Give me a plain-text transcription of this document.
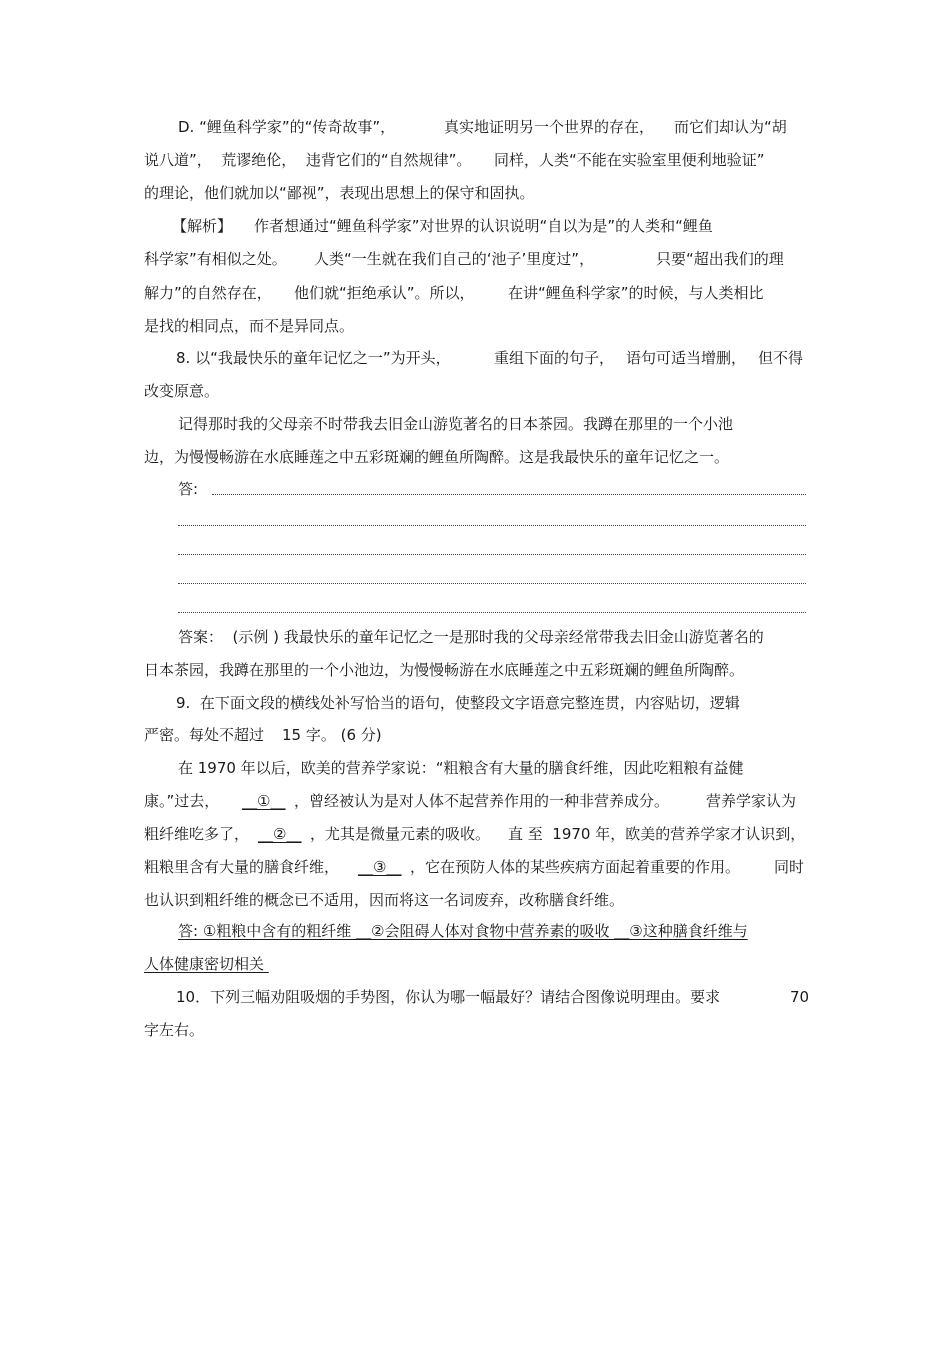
D. “鲤鱼科学家”的“传奇故事”，	真实地证明另一个世界的存在， 而它们却认为“胡
说八道”，  荒谬绝伦，  违背它们的“自然规律”。 同样，人类“不能在实验室里便利地验证”
的理论，他们就加以“鄙视”，表现出思想上的保守和固执。
【解析】 作者想通过“鲤鱼科学家”对世界的认识说明“自以为是”的人类和“鲤鱼
科学家”有相似之处。 人类“一生就在我们自己的‘池子’里度过”，	只要“超出我们的理
解力”的自然存在， 他们就“拒绝承认”。所以， 在讲“鲤鱼科学家”的时候，与人类相比
是找的相同点，而不是异同点。
8. 以“我最快乐的童年记忆之一”为开头，	重组下面的句子， 语句可适当增删， 但不得
改变原意。
记得那时我的父母亲不时带我去旧金山游览著名的日本茶园。我蹲在那里的一个小池
边，为慢慢畅游在水底睡莲之中五彩斑斓的鲤鱼所陶醉。这是我最快乐的童年记忆之一。
答:
答案：  (示例 ) 我最快乐的童年记忆之一是那时我的父母亲经常带我去旧金山游览著名的
日本茶园，我蹲在那里的一个小池边，为慢慢畅游在水底睡莲之中五彩斑斓的鲤鱼所陶醉。
9.  在下面文段的横线处补写恰当的语句，使整段文字语意完整连贯，内容贴切，逻辑
严密。每处不超过 15 字。 (6 分)
在 1970 年以后，欧美的营养学家说：“粗粮含有大量的膳食纤维，因此吃粗粮有益健
康。”过去， __①__ ，曾经被认为是对人体不起营养作用的一种非营养成分。 营养学家认为
粗纤维吃多了， __②__ ，尤其是微量元素的吸收。 直 至  1970 年，欧美的营养学家才认识到，
粗粮里含有大量的膳食纤维， __③__ ，它在预防人体的某些疾病方面起着重要的作用。 同时
也认识到粗纤维的概念已不适用，因而将这一名词废弃，改称膳食纤维。
答: ①粗粮中含有的粗纤维 __②会阻碍人体对食物中营养素的吸收 __③这种膳食纤维与
人体健康密切相关
10．下列三幅劝阻吸烟的手势图，你认为哪一幅最好？请结合图像说明理由。要求	70
字左右。
